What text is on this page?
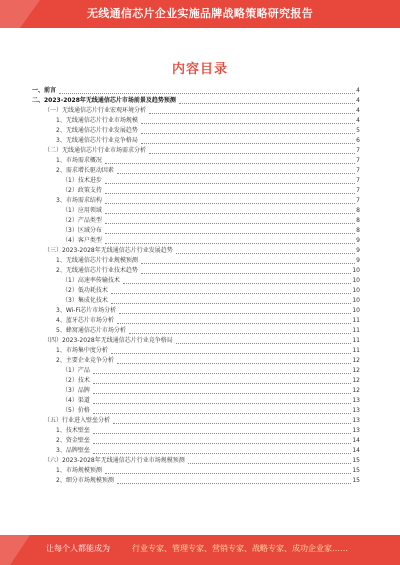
无线通信芯片企业实施品牌战略策略研究报告
内容目录
一、前言	4
二、2023-2028年无线通信芯片市场前景及趋势预测	4
（一）无线通信芯片行业宏观环境分析	4
1、无线通信芯片行业市场规模	4
2、无线通信芯片行业发展趋势	5
3、无线通信芯片行业竞争格局	6
（二）无线通信芯片行业市场需求分析	7
1、市场需求概况	7
2、需求增长驱动因素	7
（1）技术进步	7
（2）政策支持	7
3、市场需求结构	7
（1）应用领域	8
（2）产品类型	8
（3）区域分布	8
（4）客户类型	9
（三）2023-2028年无线通信芯片行业发展趋势	9
1、无线通信芯片行业规模预测	9
2、无线通信芯片行业技术趋势	10
（1）高速率传输技术	10
（2）低功耗技术	10
（3）集成化技术	10
3、Wi-Fi芯片市场分析	10
4、蓝牙芯片市场分析	11
5、蜂窝通信芯片市场分析	11
（四）2023-2028年无线通信芯片行业竞争格局	11
1、市场集中度分析	11
2、主要企业竞争分析	12
（1）产品	12
（2）技术	12
（3）品牌	12
（4）渠道	13
（5）价格	13
（五）行业进入壁垒分析	13
1、技术壁垒	13
2、资金壁垒	14
3、品牌壁垒	14
（六）2023-2028年无线通信芯片行业市场规模预测	15
1、市场规模预测	15
2、细分市场规模预测	15
让每个人都能成为	行业专家、管理专家、营销专家、战略专家、成功企业家……
